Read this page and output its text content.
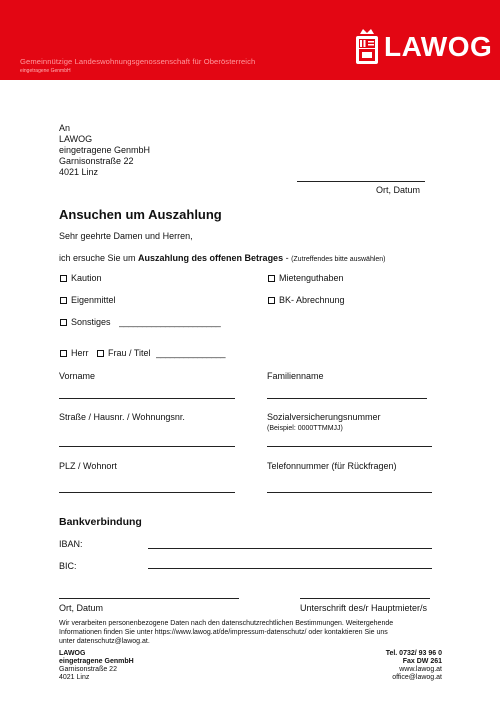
Gemeinnützige Landeswohnungsgenossenschaft für Oberösterreich
eingetragene GenmbH
LAWOG
An
LAWOG
eingetragene GenmbH
Garnisonstraße 22
4021 Linz
Ort, Datum
Ansuchen um Auszahlung
Sehr geehrte Damen und Herren,
ich ersuche Sie um Auszahlung des offenen Betrages - (Zutreffendes bitte auswählen)
Kaution	Mietenguthaben
Eigenmittel	BK- Abrechnung
Sonstiges ______________________
Herr Frau / Titel _______________
Vorname	Familienname
Straße / Hausnr. / Wohnungsnr.	Sozialversicherungsnummer
(Beispiel: 0000TTMMJJ)
PLZ / Wohnort	Telefonnummer (für Rückfragen)
Bankverbindung
IBAN:
BIC:
Ort, Datum	Unterschrift des/r Hauptmieter/s
Wir verarbeiten personenbezogene Daten nach den datenschutzrechtlichen Bestimmungen. Weitergehende
Informationen finden Sie unter https://www.lawog.at/de/impressum-datenschutz/ oder kontaktieren Sie uns
unter datenschutz@lawog.at.
LAWOG
eingetragene GenmbH
Garnisonstraße 22
4021 Linz
Tel. 0732/ 93 96 0
Fax DW 261
www.lawog.at
office@lawog.at
